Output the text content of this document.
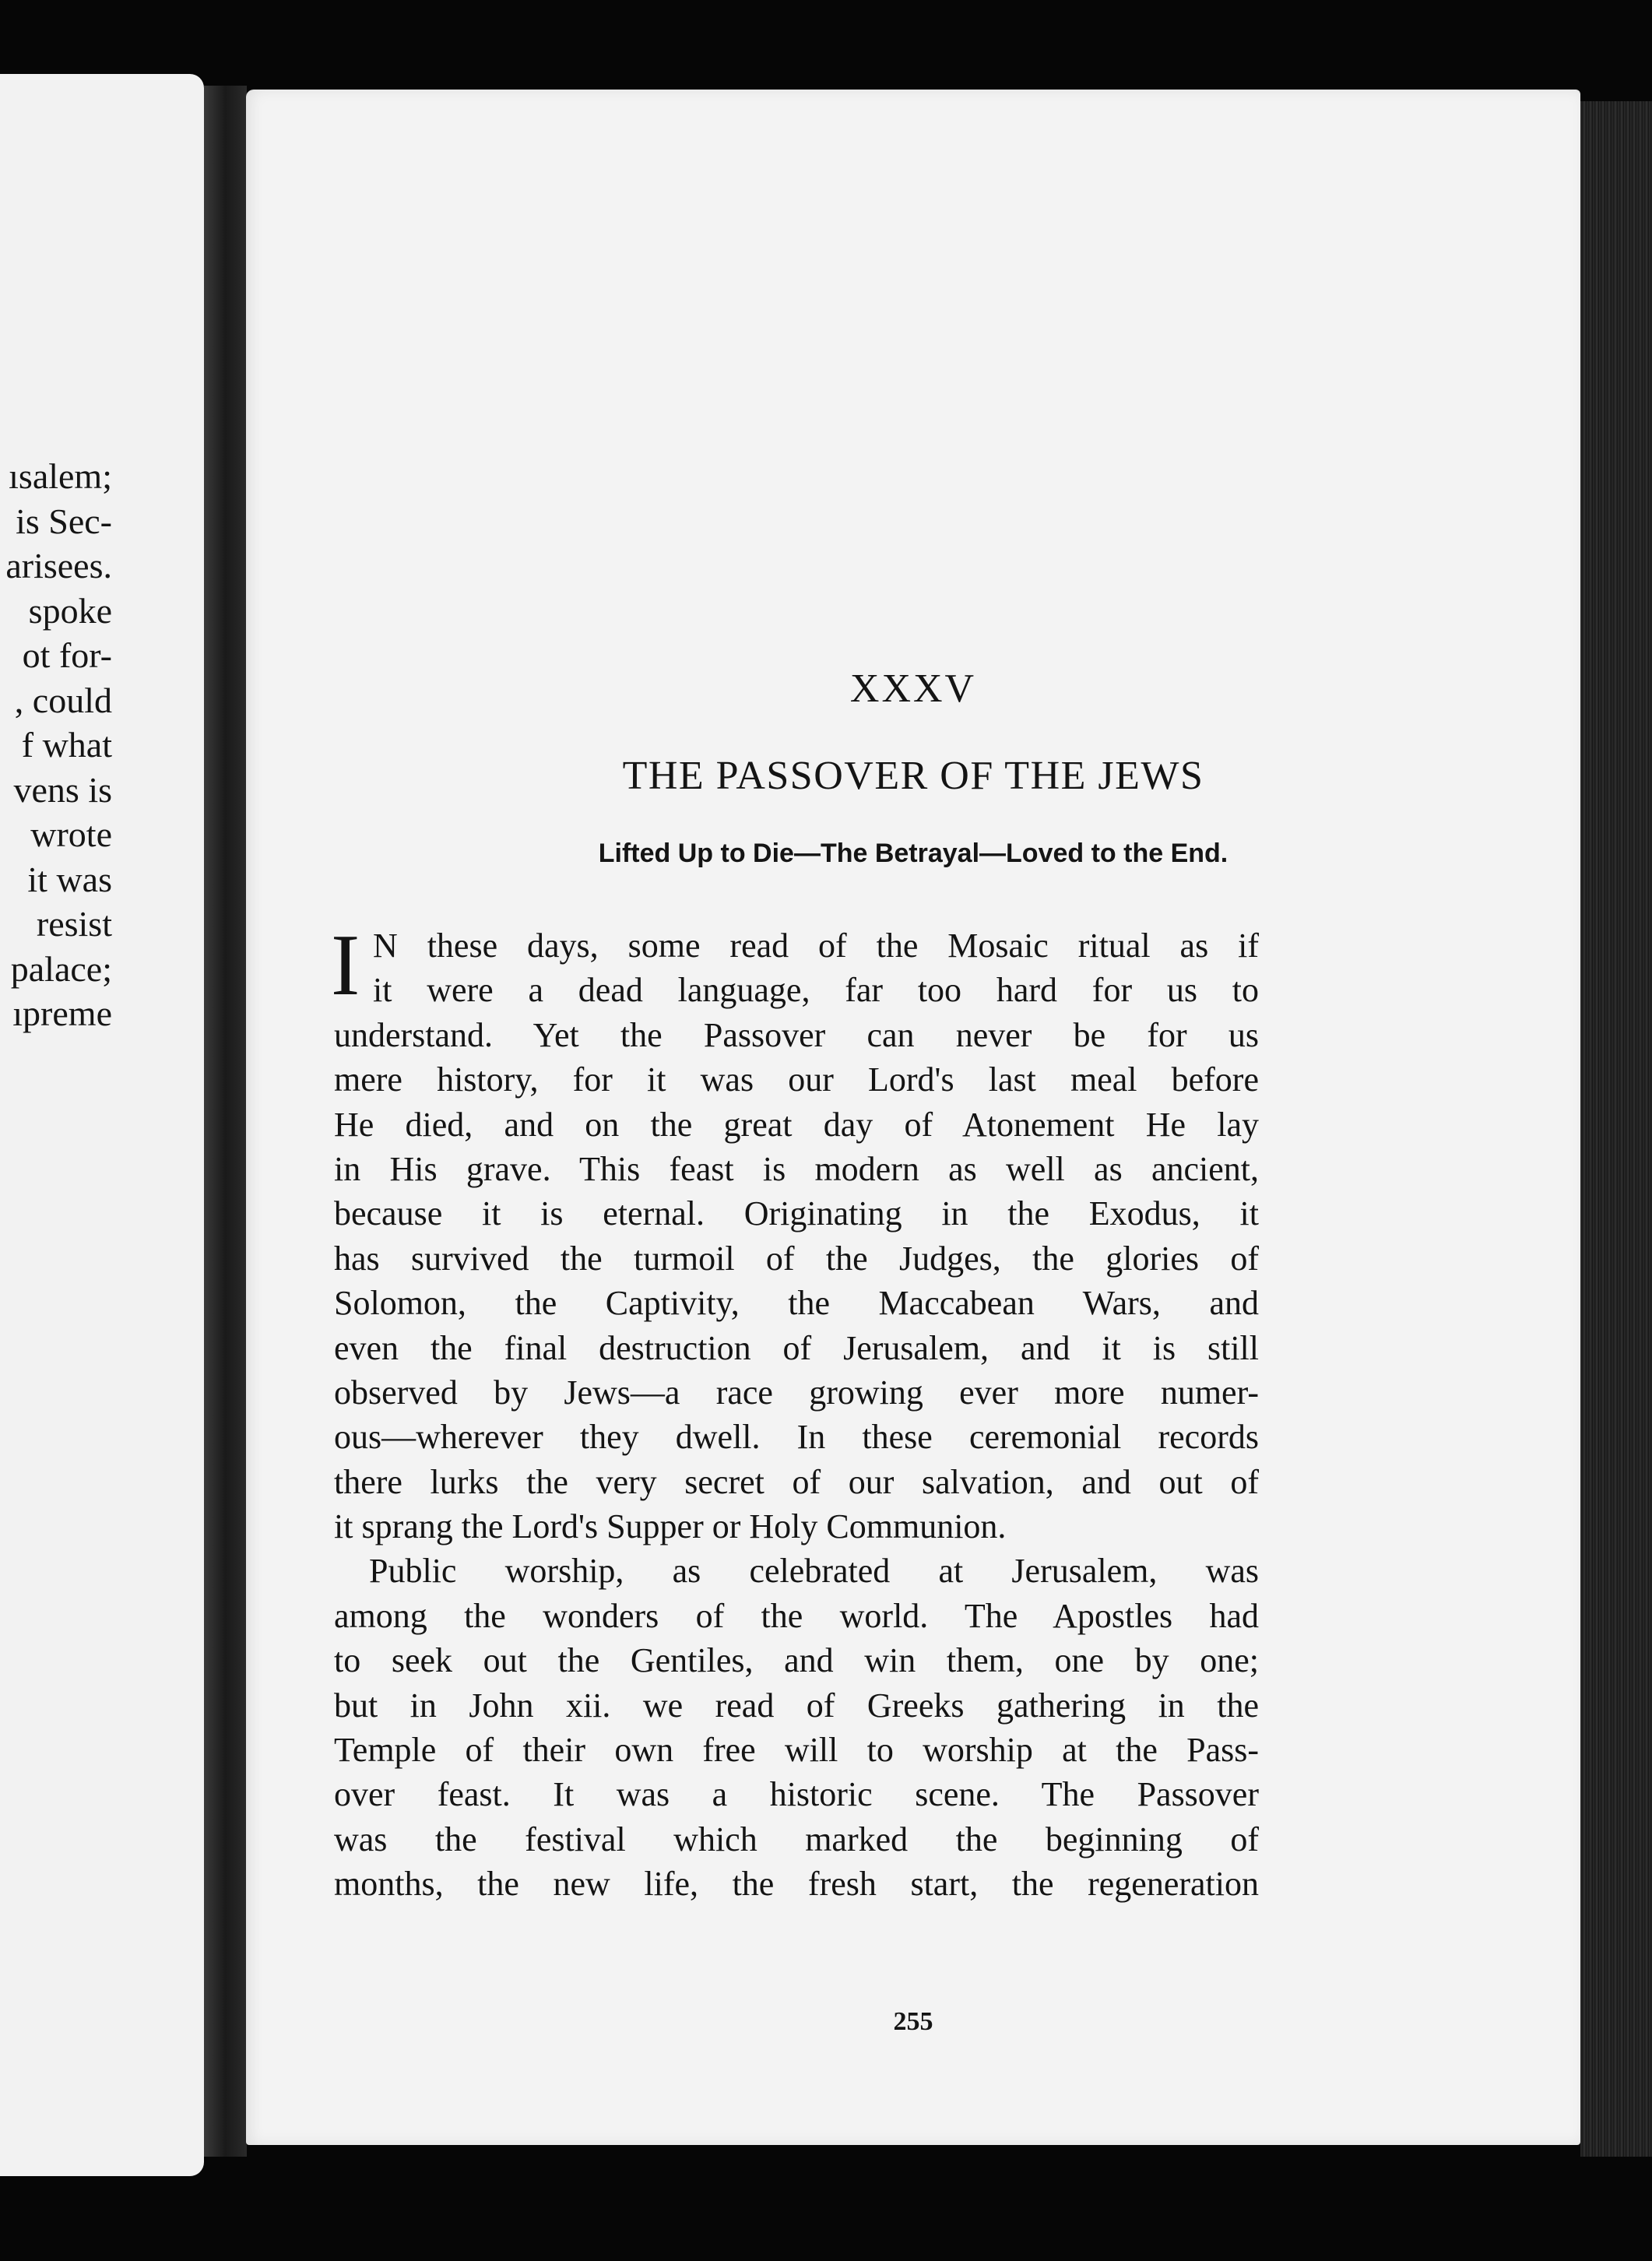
ısalem;
is Sec-
arisees.
spoke
ot for-
, could
f what
vens is
wrote
it was
resist
palace;
ıpreme
XXXV
THE PASSOVER OF THE JEWS
Lifted Up to Die—The Betrayal—Loved to the End.
I N these days, some read of the Mosaic ritual as if
it were a dead language, far too hard for us to
understand. Yet the Passover can never be for us
mere history, for it was our Lord's last meal before
He died, and on the great day of Atonement He lay
in His grave. This feast is modern as well as ancient,
because it is eternal. Originating in the Exodus, it
has survived the turmoil of the Judges, the glories of
Solomon, the Captivity, the Maccabean Wars, and
even the final destruction of Jerusalem, and it is still
observed by Jews—a race growing ever more numer-
ous—wherever they dwell. In these ceremonial records
there lurks the very secret of our salvation, and out of
it sprang the Lord's Supper or Holy Communion.
Public worship, as celebrated at Jerusalem, was
among the wonders of the world. The Apostles had
to seek out the Gentiles, and win them, one by one;
but in John xii. we read of Greeks gathering in the
Temple of their own free will to worship at the Pass-
over feast. It was a historic scene. The Passover
was the festival which marked the beginning of
months, the new life, the fresh start, the regeneration
255
